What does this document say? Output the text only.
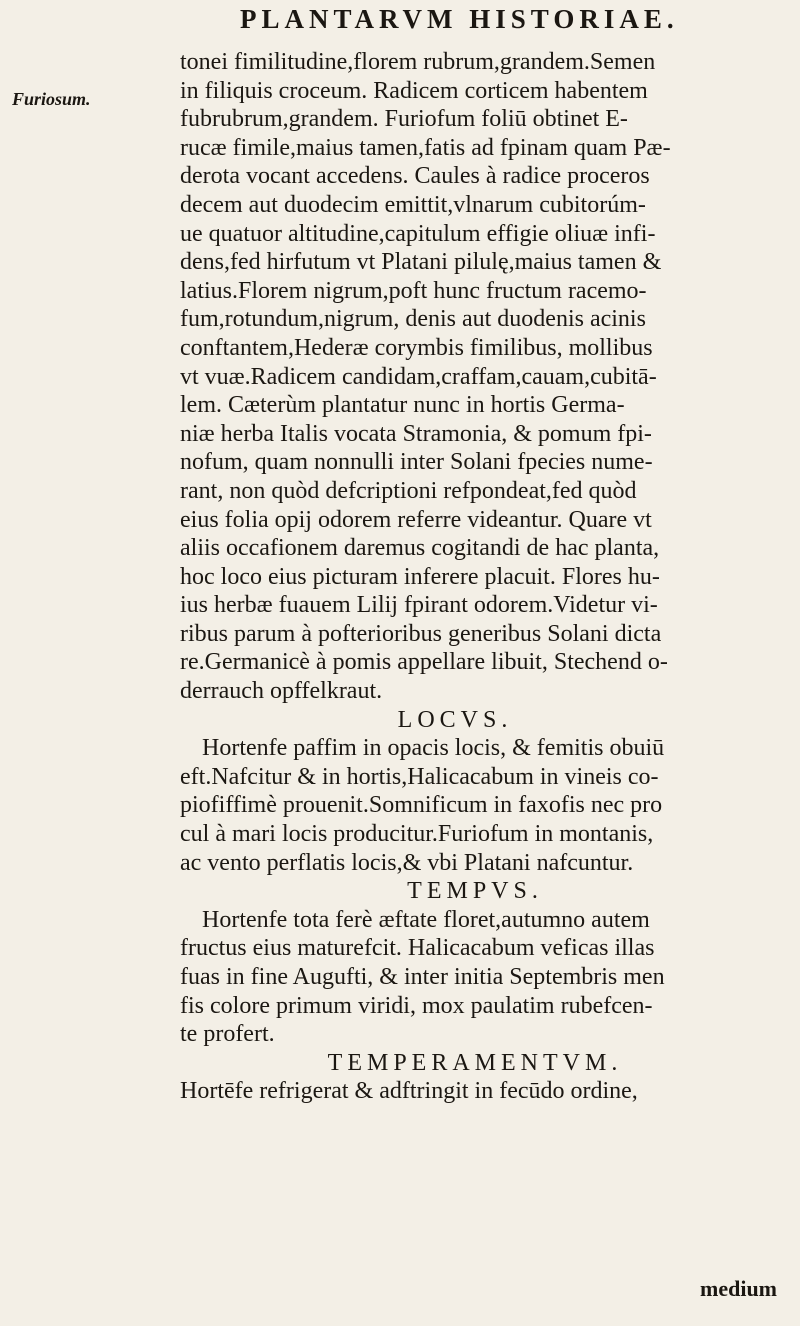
PLANTARVM HISTORIAE.
Furiosum.
tonei fimilitudine,florem rubrum,grandem.Semen
in filiquis croceum. Radicem corticem habentem
fubrubrum,grandem. Furiofum foliū obtinet E-
rucæ fimile,maius tamen,fatis ad fpinam quam Pæ-
derota vocant accedens. Caules à radice proceros
decem aut duodecim emittit,vlnarum cubitorúm-
ue quatuor altitudine,capitulum effigie oliuæ infi-
dens,fed hirfutum vt Platani pilulę,maius tamen &
latius.Florem nigrum,poft hunc fructum racemo-
fum,rotundum,nigrum, denis aut duodenis acinis
conftantem,Hederæ corymbis fimilibus, mollibus
vt vuæ.Radicem candidam,craffam,cauam,cubitā-
lem. Cæterùm plantatur nunc in hortis Germa-
niæ herba Italis vocata Stramonia, & pomum fpi-
nofum, quam nonnulli inter Solani fpecies nume-
rant, non quòd defcriptioni refpondeat,fed quòd
eius folia opij odorem referre videantur. Quare vt
aliis occafionem daremus cogitandi de hac planta,
hoc loco eius picturam inferere placuit. Flores hu-
ius herbæ fuauem Lilij fpirant odorem.Videtur vi-
ribus parum à pofterioribus generibus Solani dicta
re.Germanicè à pomis appellare libuit, Stechend o-
derrauch opffelkraut.
LOCVS.
Hortenfe paffim in opacis locis, & femitis obuiū
eft.Nafcitur & in hortis,Halicacabum in vineis co-
piofiffimè prouenit.Somnificum in faxofis nec pro
cul à mari locis producitur.Furiofum in montanis,
ac vento perflatis locis,& vbi Platani nafcuntur.
TEMPVS.
Hortenfe tota ferè æftate floret,autumno autem
fructus eius maturefcit. Halicacabum veficas illas
fuas in fine Augufti, & inter initia Septembris men
fis colore primum viridi, mox paulatim rubefcen-
te profert.
TEMPERAMENTVM.
Hortēfe refrigerat & adftringit in fecūdo ordine,
medium
